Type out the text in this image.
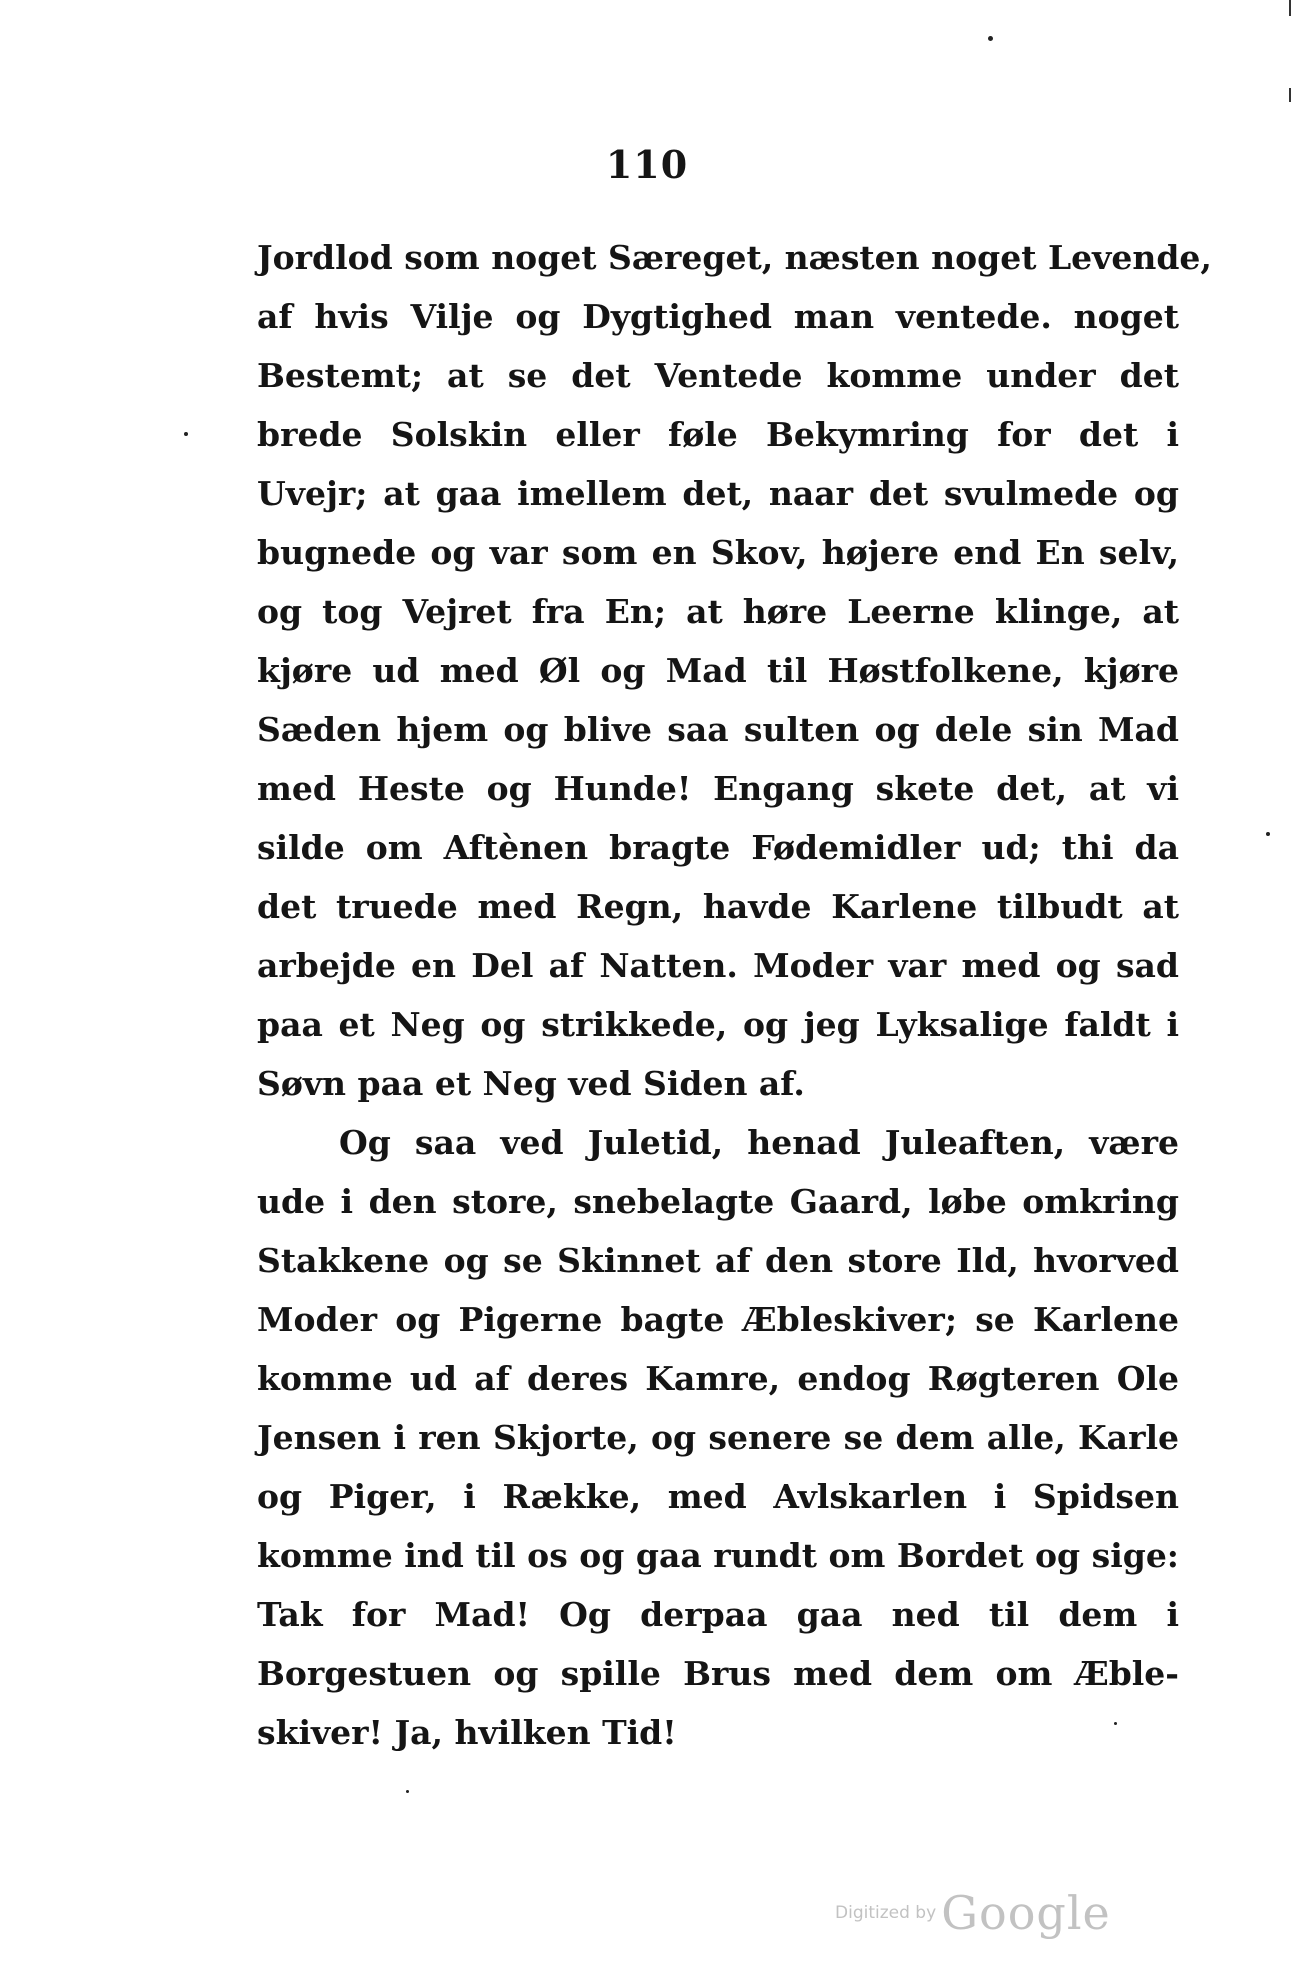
110
Jordlod som noget Særeget, næsten noget Levende,
af hvis Vilje og Dygtighed man ventede. noget
Bestemt; at se det Ventede komme under det
brede Solskin eller føle Bekymring for det i
Uvejr; at gaa imellem det, naar det svulmede og
bugnede og var som en Skov, højere end En selv,
og tog Vejret fra En; at høre Leerne klinge, at
kjøre ud med Øl og Mad til Høstfolkene, kjøre
Sæden hjem og blive saa sulten og dele sin Mad
med Heste og Hunde! Engang skete det, at vi
silde om Aftènen bragte Fødemidler ud; thi da
det truede med Regn, havde Karlene tilbudt at
arbejde en Del af Natten. Moder var med og sad
paa et Neg og strikkede, og jeg Lyksalige faldt i
Søvn paa et Neg ved Siden af.
Og saa ved Juletid, henad Juleaften, være
ude i den store, snebelagte Gaard, løbe omkring
Stakkene og se Skinnet af den store Ild, hvorved
Moder og Pigerne bagte Æbleskiver; se Karlene
komme ud af deres Kamre, endog Røgteren Ole
Jensen i ren Skjorte, og senere se dem alle, Karle
og Piger, i Række, med Avlskarlen i Spidsen
komme ind til os og gaa rundt om Bordet og sige:
Tak for Mad! Og derpaa gaa ned til dem i
Borgestuen og spille Brus med dem om Æble-
skiver! Ja, hvilken Tid!
Digitized by Google
